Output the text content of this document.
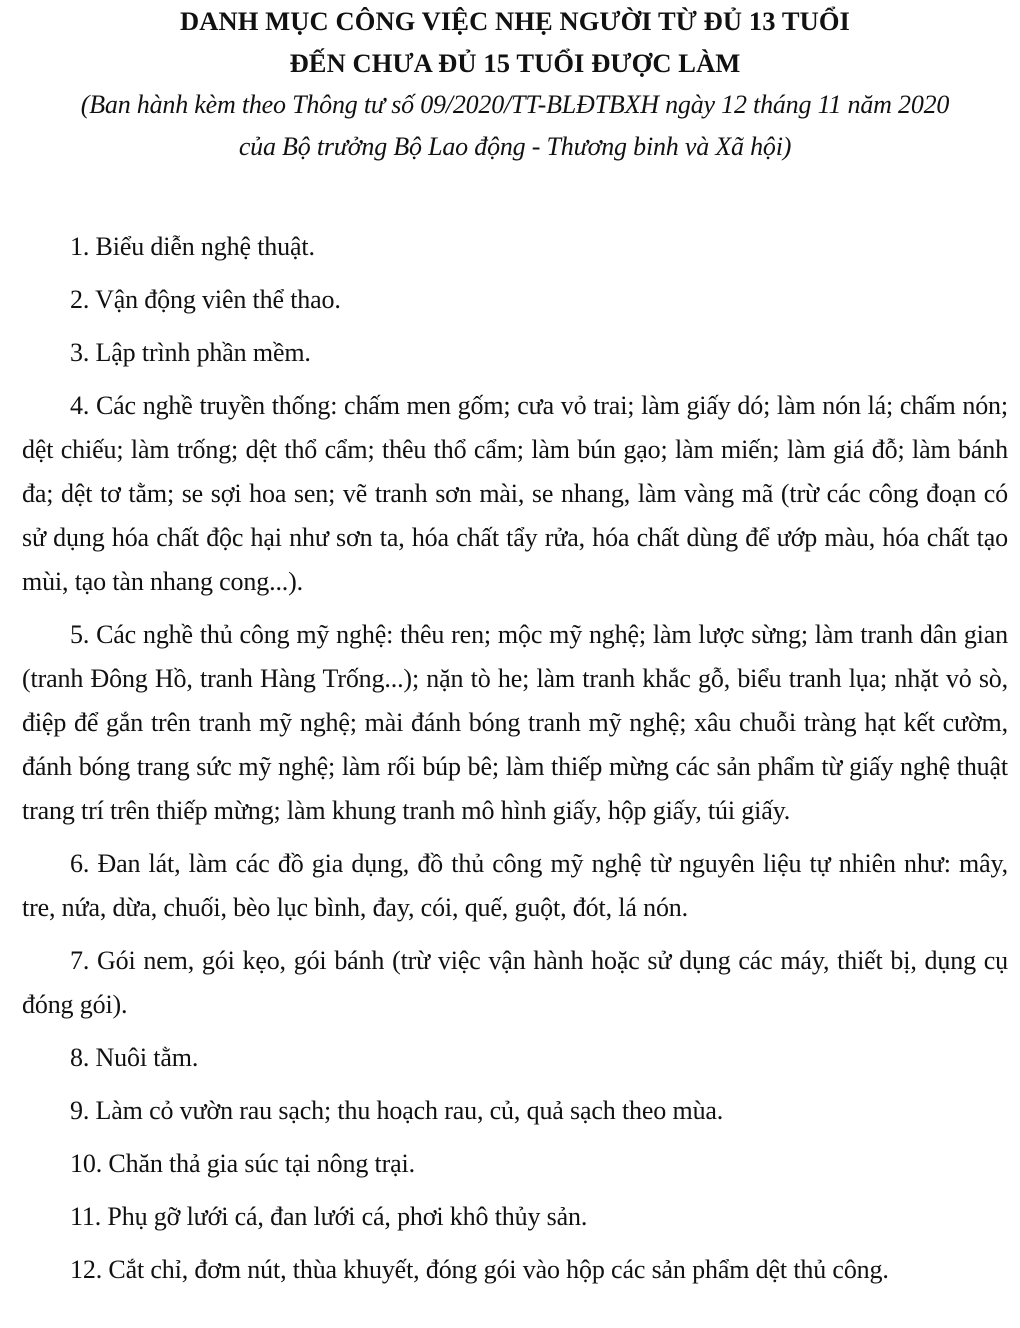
DANH MỤC CÔNG VIỆC NHẸ NGƯỜI TỪ ĐỦ 13 TUỔI
ĐẾN CHƯA ĐỦ 15 TUỔI ĐƯỢC LÀM

(Ban hành kèm theo Thông tư số 09/2020/TT-BLĐTBXH ngày 12 tháng 11 năm 2020
của Bộ trưởng Bộ Lao động - Thương binh và Xã hội)

1. Biểu diễn nghệ thuật.

2. Vận động viên thể thao.

3. Lập trình phần mềm.

4. Các nghề truyền thống: chấm men gốm; cưa vỏ trai; làm giấy dó; làm nón lá; chấm nón; dệt chiếu; làm trống; dệt thổ cẩm; thêu thổ cẩm; làm bún gạo; làm miến; làm giá đỗ; làm bánh đa; dệt tơ tằm; se sợi hoa sen; vẽ tranh sơn mài, se nhang, làm vàng mã (trừ các công đoạn có sử dụng hóa chất độc hại như sơn ta, hóa chất tẩy rửa, hóa chất dùng để ướp màu, hóa chất tạo mùi, tạo tàn nhang cong...).

5. Các nghề thủ công mỹ nghệ: thêu ren; mộc mỹ nghệ; làm lược sừng; làm tranh dân gian (tranh Đông Hồ, tranh Hàng Trống...); nặn tò he; làm tranh khắc gỗ, biểu tranh lụa; nhặt vỏ sò, điệp để gắn trên tranh mỹ nghệ; mài đánh bóng tranh mỹ nghệ; xâu chuỗi tràng hạt kết cườm, đánh bóng trang sức mỹ nghệ; làm rối búp bê; làm thiếp mừng các sản phẩm từ giấy nghệ thuật trang trí trên thiếp mừng; làm khung tranh mô hình giấy, hộp giấy, túi giấy.

6. Đan lát, làm các đồ gia dụng, đồ thủ công mỹ nghệ từ nguyên liệu tự nhiên như: mây, tre, nứa, dừa, chuối, bèo lục bình, đay, cói, quế, guột, đót, lá nón.

7. Gói nem, gói kẹo, gói bánh (trừ việc vận hành hoặc sử dụng các máy, thiết bị, dụng cụ đóng gói).

8. Nuôi tằm.

9. Làm cỏ vườn rau sạch; thu hoạch rau, củ, quả sạch theo mùa.

10. Chăn thả gia súc tại nông trại.

11. Phụ gỡ lưới cá, đan lưới cá, phơi khô thủy sản.

12. Cắt chỉ, đơm nút, thùa khuyết, đóng gói vào hộp các sản phẩm dệt thủ công.
